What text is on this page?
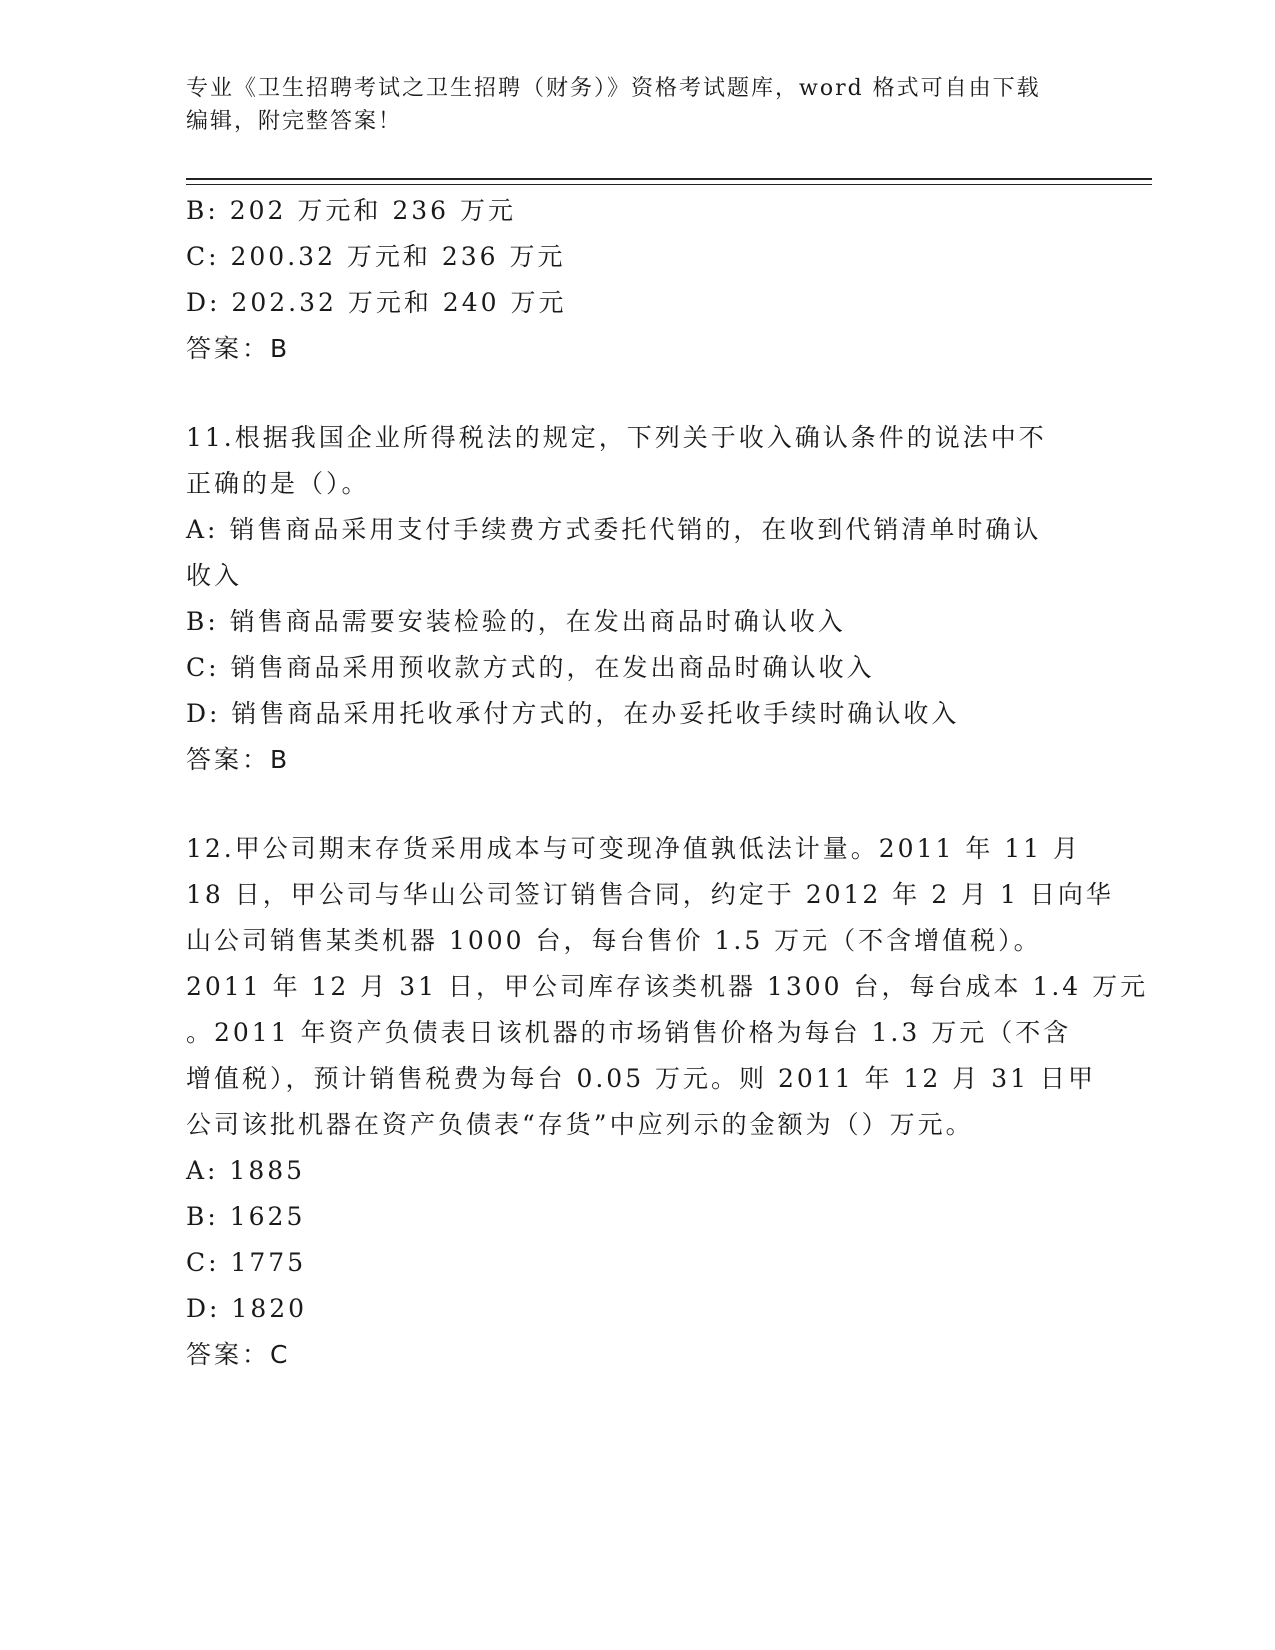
专业《卫生招聘考试之卫生招聘（财务）》资格考试题库，word 格式可自由下载
编辑，附完整答案！
B: 202 万元和 236 万元
C: 200.32 万元和 236 万元
D: 202.32 万元和 240 万元
答案：B
11.根据我国企业所得税法的规定，下列关于收入确认条件的说法中不
正确的是（）。
A: 销售商品采用支付手续费方式委托代销的，在收到代销清单时确认
收入
B: 销售商品需要安装检验的，在发出商品时确认收入
C: 销售商品采用预收款方式的，在发出商品时确认收入
D: 销售商品采用托收承付方式的，在办妥托收手续时确认收入
答案：B
12.甲公司期末存货采用成本与可变现净值孰低法计量。2011 年 11 月
18 日，甲公司与华山公司签订销售合同，约定于 2012 年 2 月 1 日向华
山公司销售某类机器 1000 台，每台售价 1.5 万元（不含增值税）。
2011 年 12 月 31 日，甲公司库存该类机器 1300 台，每台成本 1.4 万元
。2011 年资产负债表日该机器的市场销售价格为每台 1.3 万元（不含
增值税），预计销售税费为每台 0.05 万元。则 2011 年 12 月 31 日甲
公司该批机器在资产负债表“存货”中应列示的金额为（）万元。
A: 1885
B: 1625
C: 1775
D: 1820
答案：C
